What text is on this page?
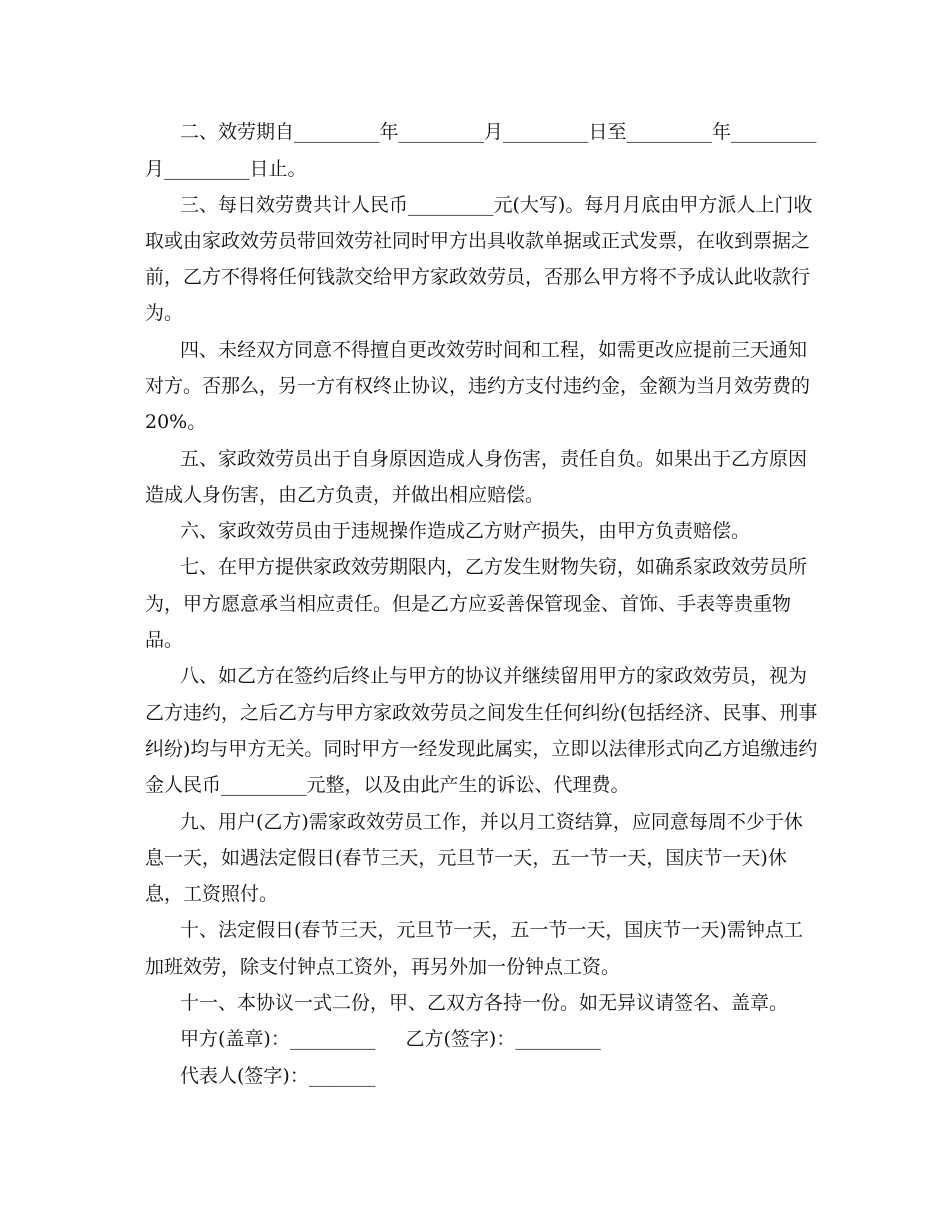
二、效劳期自_________年_________月_________日至_________年_________
月_________日止。
三、每日效劳费共计人民币_________元(大写)。每月月底由甲方派人上门收
取或由家政效劳员带回效劳社同时甲方出具收款单据或正式发票，在收到票据之
前，乙方不得将任何钱款交给甲方家政效劳员，否那么甲方将不予成认此收款行
为。
四、未经双方同意不得擅自更改效劳时间和工程，如需更改应提前三天通知
对方。否那么，另一方有权终止协议，违约方支付违约金，金额为当月效劳费的
20%。
五、家政效劳员出于自身原因造成人身伤害，责任自负。如果出于乙方原因
造成人身伤害，由乙方负责，并做出相应赔偿。
六、家政效劳员由于违规操作造成乙方财产损失，由甲方负责赔偿。
七、在甲方提供家政效劳期限内，乙方发生财物失窃，如确系家政效劳员所
为，甲方愿意承当相应责任。但是乙方应妥善保管现金、首饰、手表等贵重物
品。
八、如乙方在签约后终止与甲方的协议并继续留用甲方的家政效劳员，视为
乙方违约，之后乙方与甲方家政效劳员之间发生任何纠纷(包括经济、民事、刑事
纠纷)均与甲方无关。同时甲方一经发现此属实，立即以法律形式向乙方追缴违约
金人民币_________元整，以及由此产生的诉讼、代理费。
九、用户(乙方)需家政效劳员工作，并以月工资结算，应同意每周不少于休
息一天，如遇法定假日(春节三天，元旦节一天，五一节一天，国庆节一天)休
息，工资照付。
十、法定假日(春节三天，元旦节一天，五一节一天，国庆节一天)需钟点工
加班效劳，除支付钟点工资外，再另外加一份钟点工资。
十一、本协议一式二份，甲、乙双方各持一份。如无异议请签名、盖章。
甲方(盖章)：_________     乙方(签字)：_________
代表人(签字)：_______
